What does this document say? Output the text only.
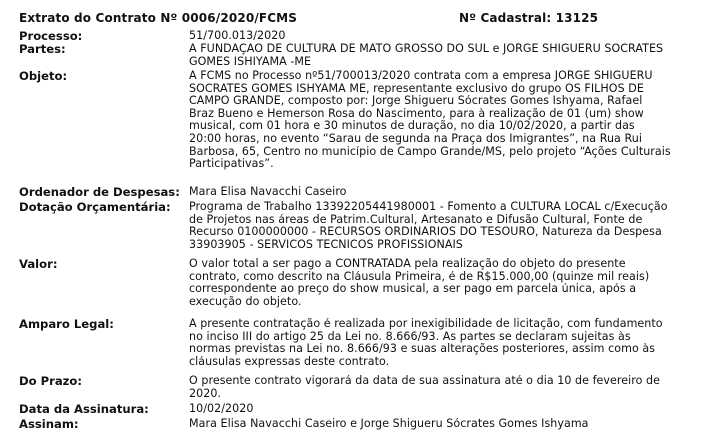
Extrato do Contrato Nº 0006/2020/FCMS	Nº Cadastral: 13125
Processo:	51/700.013/2020
Partes:	A FUNDAÇÃO DE CULTURA DE MATO GROSSO DO SUL e JORGE SHIGUERU SOCRATES
GOMES ISHIYAMA -ME
Objeto:	A FCMS no Processo nº51/700013/2020 contrata com a empresa JORGE SHIGUERU
SÓCRATES GOMES ISHYAMA ME, representante exclusivo do grupo OS FILHOS DE
CAMPO GRANDE, composto por: Jorge Shigueru Sócrates Gomes Ishyama, Rafael
Braz Bueno e Hemerson Rosa do Nascimento, para à realização de 01 (um) show
musical, com 01 hora e 30 minutos de duração, no dia 10/02/2020, a partir das
20:00 horas, no evento “Sarau de segunda na Praça dos Imigrantes”, na Rua Rui
Barbosa, 65, Centro no município de Campo Grande/MS, pelo projeto “Ações Culturais
Participativas”.
Ordenador de Despesas: Mara Elisa Navacchi Caseiro
Dotação Orçamentária:	Programa de Trabalho 13392205441980001 - Fomento a CULTURA LOCAL c/Execução
de Projetos nas áreas de Patrim.Cultural, Artesanato e Difusão Cultural, Fonte de
Recurso 0100000000 - RECURSOS ORDINARIOS DO TESOURO, Natureza da Despesa
33903905 - SERVICOS TECNICOS PROFISSIONAIS
Valor:	O valor total a ser pago a CONTRATADA pela realização do objeto do presente
contrato, como descrito na Cláusula Primeira, é de R$15.000,00 (quinze mil reais)
correspondente ao preço do show musical, a ser pago em parcela única, após a
execução do objeto.
Amparo Legal:	A presente contratação é realizada por inexigibilidade de licitação, com fundamento
no inciso III do artigo 25 da Lei no. 8.666/93. As partes se declaram sujeitas às
normas previstas na Lei no. 8.666/93 e suas alterações posteriores, assim como às
cláusulas expressas deste contrato.
Do Prazo:	O presente contrato vigorará da data de sua assinatura até o dia 10 de fevereiro de
2020.
Data da Assinatura:	10/02/2020
Assinam:	Mara Elisa Navacchi Caseiro e Jorge Shigueru Sócrates Gomes Ishyama
